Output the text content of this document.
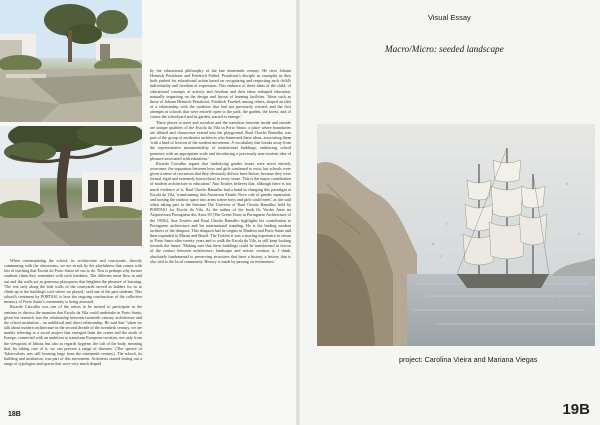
When contemplating the school, its architecture and courtyards, directly communing with the classrooms, we are struck by the playfulness that comes with lots of teaching that Escola do Porto Santo set out to do. This is perhaps why former students claim they remember with such fondness. The different areas flow in and out and the walls act as generous playspaces that heighten the pleasure of learning. 'The rest only along the side walls of the courtyards served as ladders for us to climb up to the building's roof where we played,' said one of the past students. This school's treatment by PORTAS1 is how the ongoing construction of the collective memory of Porto Santo's community is being assessed.

Ricardo Carvalho was one of the artists to be invited to participate in the seminar to discuss the mansion that Escola da Vila could undertake in Porto Santo, given his research into the relationship between twentieth century architecture and the school institution – an unbiblical and direct relationship. He said that "when we talk about modern architecture in the second decade of the twentieth century, we are mainly referring to a social project that emerged from the centre and the north of Europe, connected with an ambition to transform European societies, not only from the viewpoint of labour, but also as regards hygiene, the cult of the body, meaning that, by taking care of it, we can prevent a range of diseases.' (The spectre of Tuberculosis was still looming large from the nineteenth century). The school, its building and institution, was part of this movement. Architects started testing out a range of typologies and spaces that were very much shaped

by the educational philosophy of the late nineteenth century. He cites Johann Heinrich Pestalozzi and Friedrich Fröbel. Pestalozzi's disciple as examples as they both pushed for educational action based on recognizing and respecting each child's individuality and freedom of expression. This embrace of these ideas of the child, of educational concepts of activity and freedom and their ideas reshaped education, naturally impacting on the design and layout of learning facilities. 'Ideas such as those of Johann Heinrich Pestalozzi, Friedrich Froebel, among others, shaped an idea of a relationship with the outdoors that had not previously existed, and the first attempts at schools that were entirely open to the park, the garden, the forest, and of course the schoolyard and its garden, started to emerge.'

These places to meet and socialize and the transition between inside and outside are unique qualities of the Escola da Vila in Porto Santo: a place where boundaries are diluted and classrooms extend into the playground. Raul Chorão Ramalho was part of the group of modernist architects who harnessed these ideas, associating them 'with a kind of lexicon of the modern movement. A vocabulary that breaks away from the representative monumentality of institutional buildings, embracing school premises with an appropriate scale and introducing a previously non-existent idea of pleasure associated with education.'

Ricardo Carvalho argues that 'underlying gender issues were never entirely overcome: the separation between boys and girls continued to exist; but schools were given a sense of recreation that they obviously did not have before, because they were formal, rigid and extremely hierarchical in every sense. This is the major contribution of modern architecture to education.' Ana Tostões believes that, although there is not much evidence of it, Raul Chorão Ramalho had a hand in changing this paradigm at Escola da Vila, 'transforming that Ascension Estado Novo rule of gender separation, and turning the outdoor space into areas where boys and girls could meet,' as she said when taking part in the Seminar The Universe of Raul Chorão Ramalho, held by PORTAS1 for Escola da Vila. As the author of the book Os Verdes Anos na Arquitectura Portuguesa dos Anos 50 [The Green Years in Portuguese Architecture of the 1950s], Ana Tostões and Raul Chorão Ramalho highlights his contribution to Portuguese architecture and his international standing. He is the leading modern architect of the diaspora. This diaspora had its origins in Madeira and Porto Santo and then expanded to Macau and Brazil. The Tostões it was a moving experience to return to Porto Santo after twenty years and to walk the Escola da Vila, to still keep looking towards the future. 'Making sure that these buildings could be transformed in favour of the contact between architecture, landscape and artistic creation is, I think, absolutely fundamental to preserving structures that have a history, a history that is also tied to the local community. History is made by passing on testimonies.'

18B
Visual Essay
Macro/Micro: seeded landscape
project: Carolina Vieira and Mariana Viegas
19B
